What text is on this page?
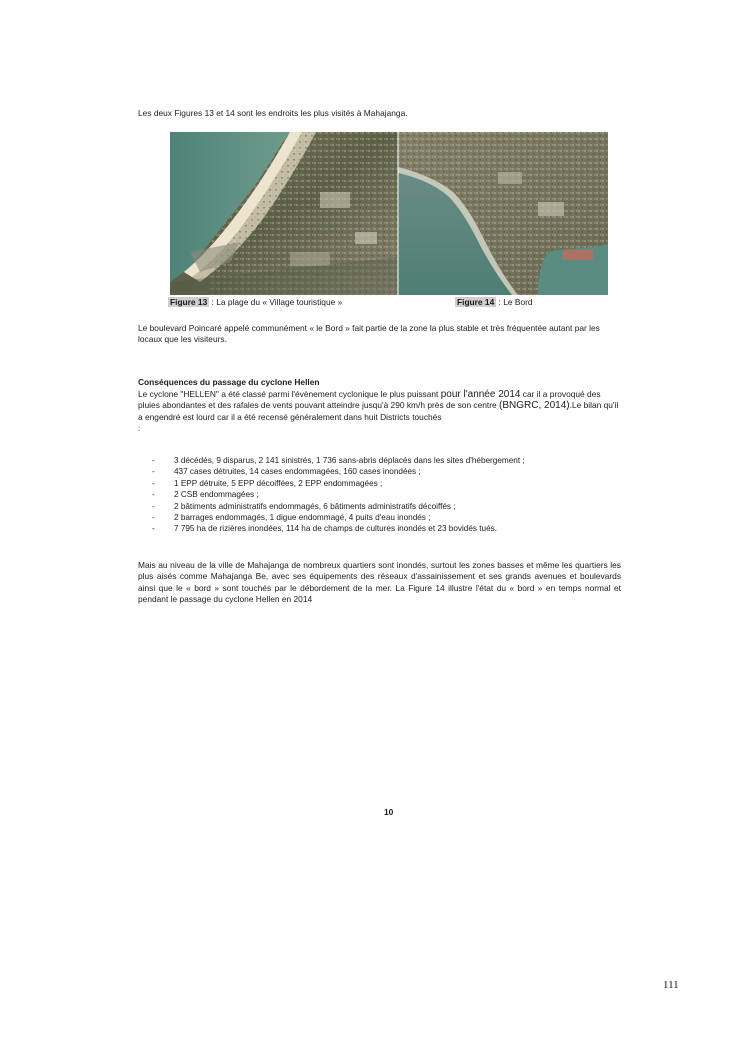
Les deux Figures 13 et 14 sont les endroits les plus visités à Mahajanga.
Figure 13 : La plage du « Village touristique »	Figure 14 : Le Bord
Le boulevard Poincaré appelé communément « le Bord » fait partie de la zone la plus stable et très fréquentée autant par les locaux que les visiteurs.
Conséquences du passage du cyclone Hellen
Le cyclone "HELLEN" a été classé parmi l'évènement cyclonique le plus puissant pour l'année 2014 car il a provoqué des pluies abondantes et des rafales de vents pouvant atteindre jusqu'à 290 km/h près de son centre (BNGRC, 2014).Le bilan qu'il a engendré est lourd car il a été recensé généralement dans huit Districts touchés
:
- 3 décédés, 9 disparus, 2 141 sinistrés, 1 736 sans-abris déplacés dans les sites d'hébergement ;
- 437 cases détruites, 14 cases endommagées, 160 cases inondées ;
- 1 EPP détruite, 5 EPP décoiffées, 2 EPP endommagées ;
- 2 CSB endommagées ;
- 2 bâtiments administratifs endommagés, 6 bâtiments administratifs décoiffés ;
- 2 barrages endommagés, 1 digue endommagé, 4 puits d'eau inondés ;
- 7 795 ha de rizières inondées, 114 ha de champs de cultures inondés et 23 bovidés tués.
Mais au niveau de la ville de Mahajanga de nombreux quartiers sont inondés, surtout les zones basses et même les quartiers les plus aisés comme Mahajanga Be, avec ses équipements des réseaux d'assainissement et ses grands avenues et boulevards ainsi que le « bord » sont touchés par le débordement de la mer. La Figure 14 illustre l'état du « bord » en temps normal et pendant le passage du cyclone Hellen en 2014
10
111
